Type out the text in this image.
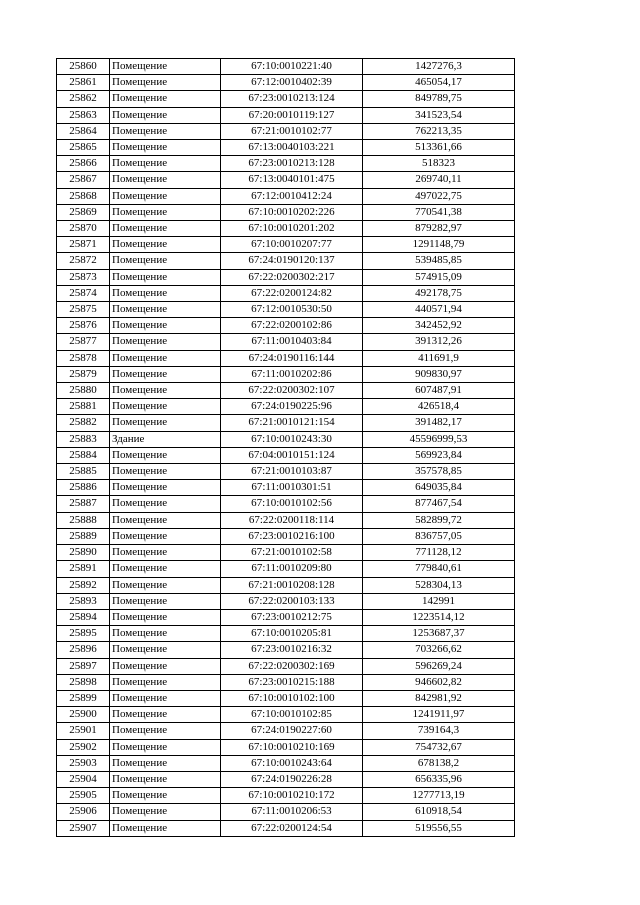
25860	Помещение	67:10:0010221:40	1427276,3
25861	Помещение	67:12:0010402:39	465054,17
25862	Помещение	67:23:0010213:124	849789,75
25863	Помещение	67:20:0010119:127	341523,54
25864	Помещение	67:21:0010102:77	762213,35
25865	Помещение	67:13:0040103:221	513361,66
25866	Помещение	67:23:0010213:128	518323
25867	Помещение	67:13:0040101:475	269740,11
25868	Помещение	67:12:0010412:24	497022,75
25869	Помещение	67:10:0010202:226	770541,38
25870	Помещение	67:10:0010201:202	879282,97
25871	Помещение	67:10:0010207:77	1291148,79
25872	Помещение	67:24:0190120:137	539485,85
25873	Помещение	67:22:0200302:217	574915,09
25874	Помещение	67:22:0200124:82	492178,75
25875	Помещение	67:12:0010530:50	440571,94
25876	Помещение	67:22:0200102:86	342452,92
25877	Помещение	67:11:0010403:84	391312,26
25878	Помещение	67:24:0190116:144	411691,9
25879	Помещение	67:11:0010202:86	909830,97
25880	Помещение	67:22:0200302:107	607487,91
25881	Помещение	67:24:0190225:96	426518,4
25882	Помещение	67:21:0010121:154	391482,17
25883	Здание	67:10:0010243:30	45596999,53
25884	Помещение	67:04:0010151:124	569923,84
25885	Помещение	67:21:0010103:87	357578,85
25886	Помещение	67:11:0010301:51	649035,84
25887	Помещение	67:10:0010102:56	877467,54
25888	Помещение	67:22:0200118:114	582899,72
25889	Помещение	67:23:0010216:100	836757,05
25890	Помещение	67:21:0010102:58	771128,12
25891	Помещение	67:11:0010209:80	779840,61
25892	Помещение	67:21:0010208:128	528304,13
25893	Помещение	67:22:0200103:133	142991
25894	Помещение	67:23:0010212:75	1223514,12
25895	Помещение	67:10:0010205:81	1253687,37
25896	Помещение	67:23:0010216:32	703266,62
25897	Помещение	67:22:0200302:169	596269,24
25898	Помещение	67:23:0010215:188	946602,82
25899	Помещение	67:10:0010102:100	842981,92
25900	Помещение	67:10:0010102:85	1241911,97
25901	Помещение	67:24:0190227:60	739164,3
25902	Помещение	67:10:0010210:169	754732,67
25903	Помещение	67:10:0010243:64	678138,2
25904	Помещение	67:24:0190226:28	656335,96
25905	Помещение	67:10:0010210:172	1277713,19
25906	Помещение	67:11:0010206:53	610918,54
25907	Помещение	67:22:0200124:54	519556,55
